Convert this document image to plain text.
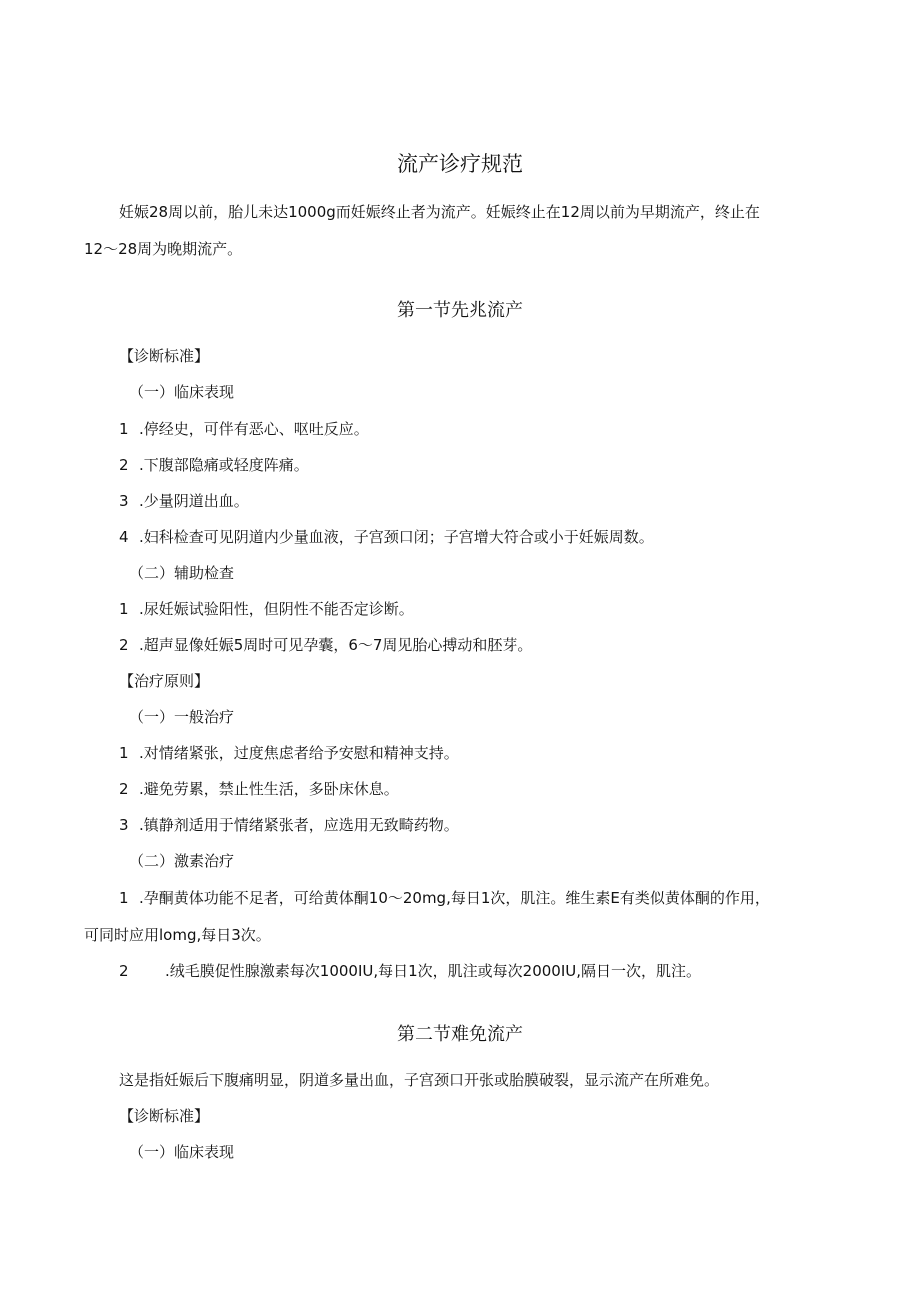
流产诊疗规范
妊娠28周以前，胎儿未达1000g而妊娠终止者为流产。妊娠终止在12周以前为早期流产，终止在
12～28周为晚期流产。
第一节先兆流产
【诊断标准】
（一）临床表现
1 .停经史，可伴有恶心、呕吐反应。
2 .下腹部隐痛或轻度阵痛。
3 .少量阴道出血。
4 .妇科检查可见阴道内少量血液，子宫颈口闭；子宫增大符合或小于妊娠周数。
（二）辅助检查
1 .尿妊娠试验阳性，但阴性不能否定诊断。
2 .超声显像妊娠5周时可见孕囊，6～7周见胎心搏动和胚芽。
【治疗原则】
（一）一般治疗
1 .对情绪紧张，过度焦虑者给予安慰和精神支持。
2 .避免劳累，禁止性生活，多卧床休息。
3 .镇静剂适用于情绪紧张者，应选用无致畸药物。
（二）激素治疗
1 .孕酮黄体功能不足者，可给黄体酮10～20mg,每日1次，肌注。维生素E有类似黄体酮的作用，
可同时应用lomg,每日3次。
2 .绒毛膜促性腺激素每次1000IU,每日1次，肌注或每次2000IU,隔日一次，肌注。
第二节难免流产
这是指妊娠后下腹痛明显，阴道多量出血，子宫颈口开张或胎膜破裂，显示流产在所难免。
【诊断标准】
（一）临床表现
